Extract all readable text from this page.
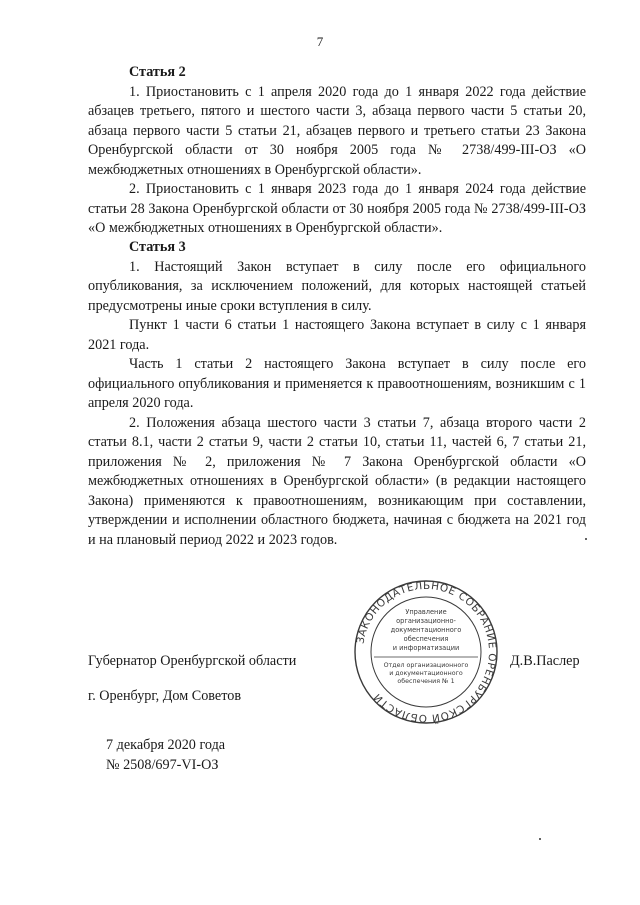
7
Статья 2
1. Приостановить с 1 апреля 2020 года до 1 января 2022 года действие абзацев третьего, пятого и шестого части 3, абзаца первого части 5 статьи 20, абзаца первого части 5 статьи 21, абзацев первого и третьего статьи 23 Закона Оренбургской области от 30 ноября 2005 года № 2738/499-III-ОЗ «О межбюджетных отношениях в Оренбургской области».
2. Приостановить с 1 января 2023 года до 1 января 2024 года действие статьи 28 Закона Оренбургской области от 30 ноября 2005 года № 2738/499-III-ОЗ «О межбюджетных отношениях в Оренбургской области».
Статья 3
1. Настоящий Закон вступает в силу после его официального опубликования, за исключением положений, для которых настоящей статьей предусмотрены иные сроки вступления в силу.
Пункт 1 части 6 статьи 1 настоящего Закона вступает в силу с 1 января 2021 года.
Часть 1 статьи 2 настоящего Закона вступает в силу после его официального опубликования и применяется к правоотношениям, возникшим с 1 апреля 2020 года.
2. Положения абзаца шестого части 3 статьи 7, абзаца второго части 2 статьи 8.1, части 2 статьи 9, части 2 статьи 10, статьи 11, частей 6, 7 статьи 21, приложения № 2, приложения № 7 Закона Оренбургской области «О межбюджетных отношениях в Оренбургской области» (в редакции настоящего Закона) применяются к правоотношениям, возникающим при составлении, утверждении и исполнении областного бюджета, начиная с бюджета на 2021 год и на плановый период 2022 и 2023 годов.
Губернатор Оренбургской области	Д.В.Паслер
г. Оренбург, Дом Советов
7 декабря 2020 года
№ 2508/697-VI-ОЗ
ЗАКОНОДАТЕЛЬНОЕ СОБРАНИЕ ОРЕНБУРГСКОЙ ОБЛАСТИ
Управление
организационно-
документационного
обеспечения
и информатизации
Отдел организационного
и документационного
обеспечения № 1
